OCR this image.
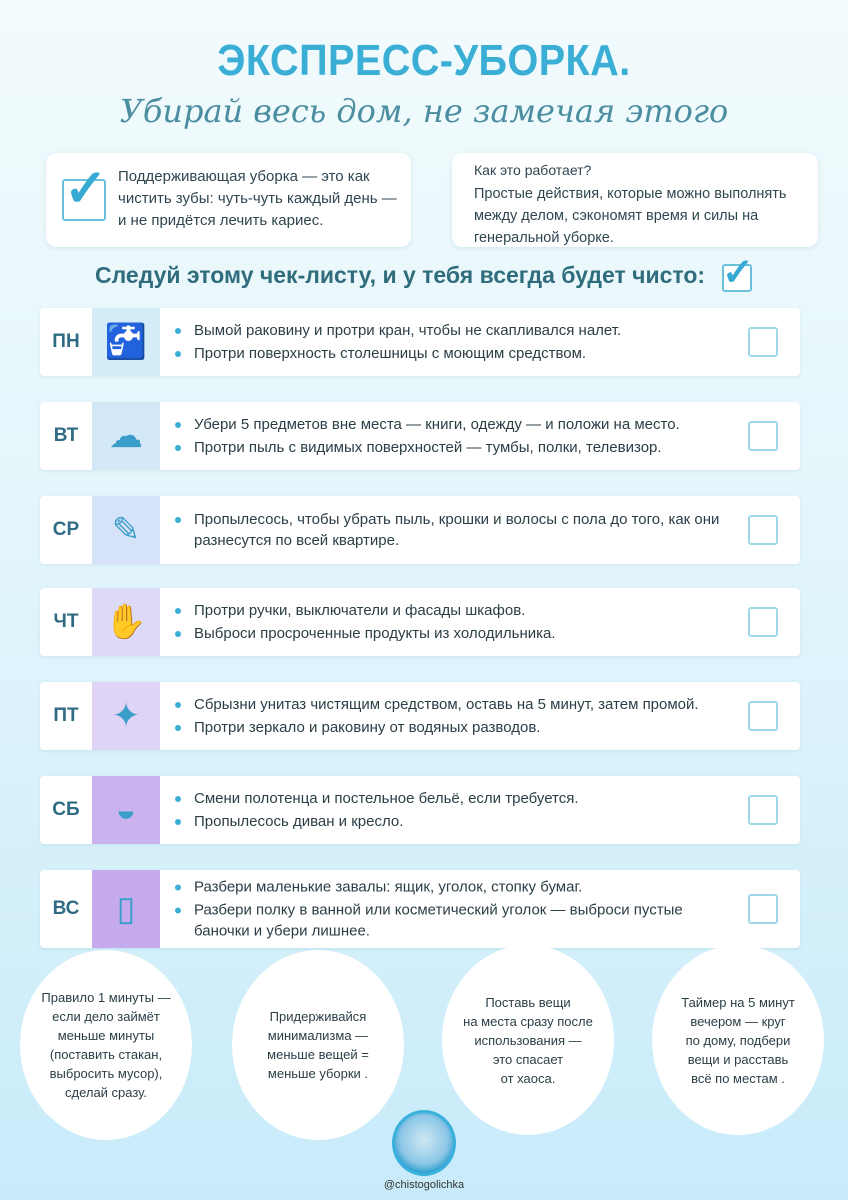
ЭКСПРЕСС-УБОРКА.
Убирай весь дом, не замечая этого
✓ Поддерживающая уборка — это как чистить зубы: чуть-чуть каждый день — и не придётся лечить кариес.

Как это работает?

Простые действия, которые можно выполнять между делом, сэкономят время и силы на генеральной уборке.

Следуй этому чек-листу, и у тебя всегда будет чисто: ✓
ПН 🚰	Вымой раковину и протри кран, чтобы не скапливался налет.
Протри поверхность столешницы с моющим средством.
ВТ ☁	Убери 5 предметов вне места — книги, одежду — и положи на место.
Протри пыль с видимых поверхностей — тумбы, полки, телевизор.
СР ✎	Пропылесось, чтобы убрать пыль, крошки и волосы с пола до того, как они разнесутся по всей квартире.
ЧТ ✋	Протри ручки, выключатели и фасады шкафов.
Выброси просроченные продукты из холодильника.
ПТ ✦	Сбрызни унитаз чистящим средством, оставь на 5 минут, затем промой.
Протри зеркало и раковину от водяных разводов.
СБ	◒	Смени полотенца и постельное бельё, если требуется.
Пропылесось диван и кресло.
ВС	▯
Разбери маленькие завалы: ящик, уголок, стопку бумаг.
Разбери полку в ванной или косметический уголок — выброси пустые баночки и убери лишнее.
Правило 1 минуты —
если дело займёт
меньше минуты
(поставить стакан,
выбросить мусор),
сделай сразу.
Придерживайся
минимализма —
меньше вещей =
меньше уборки .
Поставь вещи
на места сразу после
использования —
это спасает
от хаоса.
Таймер на 5 минут
вечером — круг
по дому, подбери
вещи и расставь
всё по местам .
@chistogolichka
